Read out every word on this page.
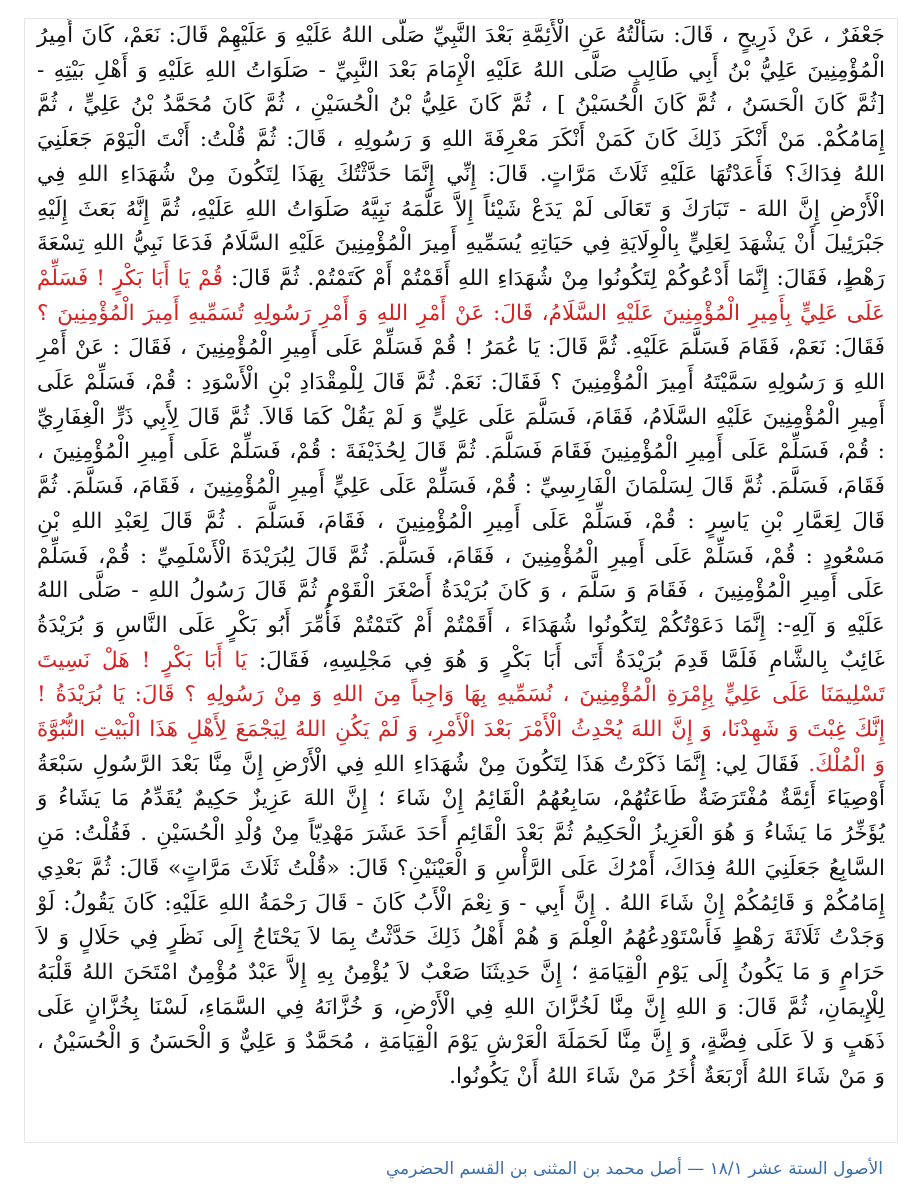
جَعْفَرٌ ، عَنْ ذَرِيحٍ ، قَالَ: سَأَلْتُهُ عَنِ الْأَئِمَّةِ بَعْدَ النَّبِيِّ صَلَّى اللهُ عَلَيْهِ وَ عَلَيْهِمْ قَالَ: نَعَمْ، كَانَ أَمِيرُ الْمُؤْمِنِينَ عَلِيُّ بْنُ أَبِي طَالِبٍ صَلَّى اللهُ عَلَيْهِ الْإِمَامَ بَعْدَ النَّبِيِّ - صَلَوَاتُ اللهِ عَلَيْهِ وَ أَهْلِ بَيْتِهِ - [ثُمَّ كَانَ الْحَسَنُ ، ثُمَّ كَانَ الْحُسَيْنُ ] ، ثُمَّ كَانَ عَلِيُّ بْنُ الْحُسَيْنِ ، ثُمَّ كَانَ مُحَمَّدُ بْنُ عَلِيٍّ ، ثُمَّ إِمَامُكُمْ. مَنْ أَنْكَرَ ذَلِكَ كَانَ كَمَنْ أَنْكَرَ مَعْرِفَةَ اللهِ وَ رَسُولِهِ ، قَالَ: ثُمَّ قُلْتُ: أَنْتَ الْيَوْمَ جَعَلَنِيَ اللهُ فِدَاكَ؟ فَأَعَدْتُهَا عَلَيْهِ ثَلَاثَ مَرَّاتٍ. قَالَ: إِنِّي إِنَّمَا حَدَّثْتُكَ بِهَذَا لِتَكُونَ مِنْ شُهَدَاءِ اللهِ فِي الْأَرْضِ إِنَّ اللهَ - تَبَارَكَ وَ تَعَالَى لَمْ يَدَعْ شَيْئاً إِلاَّ عَلَّمَهُ نَبِيَّهُ صَلَوَاتُ اللهِ عَلَيْهِ، ثُمَّ إِنَّهُ بَعَثَ إِلَيْهِ جَبْرَئِيلَ أَنْ يَشْهَدَ لِعَلِيٍّ بِالْوِلَايَةِ فِي حَيَاتِهِ يُسَمِّيهِ أَمِيرَ الْمُؤْمِنِينَ عَلَيْهِ السَّلَامُ فَدَعَا نَبِيُّ اللهِ تِسْعَةَ رَهْطٍ، فَقَالَ: إِنَّمَا أَدْعُوكُمْ لِتَكُونُوا مِنْ شُهَدَاءِ اللهِ أَقَمْتُمْ أَمْ كَتَمْتُمْ. ثُمَّ قَالَ: قُمْ يَا أَبَا بَكْرٍ ! فَسَلِّمْ عَلَى عَلِيٍّ بِأَمِيرِ الْمُؤْمِنِينَ عَلَيْهِ السَّلَامُ، قَالَ: عَنْ أَمْرِ اللهِ وَ أَمْرِ رَسُولِهِ تُسَمِّيهِ أَمِيرَ الْمُؤْمِنِينَ ؟ فَقَالَ: نَعَمْ، فَقَامَ فَسَلَّمَ عَلَيْهِ. ثُمَّ قَالَ: يَا عُمَرُ ! قُمْ فَسَلِّمْ عَلَى أَمِيرِ الْمُؤْمِنِينَ ، فَقَالَ : عَنْ أَمْرِ اللهِ وَ رَسُولِهِ سَمَّيْتَهُ أَمِيرَ الْمُؤْمِنِينَ ؟ فَقَالَ: نَعَمْ. ثُمَّ قَالَ لِلْمِقْدَادِ بْنِ الْأَسْوَدِ : قُمْ، فَسَلِّمْ عَلَى أَمِيرِ الْمُؤْمِنِينَ عَلَيْهِ السَّلَامُ، فَقَامَ، فَسَلَّمَ عَلَى عَلِيٍّ وَ لَمْ يَقُلْ كَمَا قَالاَ. ثُمَّ قَالَ لِأَبِي ذَرٍّ الْغِفَارِيِّ : قُمْ، فَسَلِّمْ عَلَى أَمِيرِ الْمُؤْمِنِينَ فَقَامَ فَسَلَّمَ. ثُمَّ قَالَ لِحُذَيْفَةَ : قُمْ، فَسَلِّمْ عَلَى أَمِيرِ الْمُؤْمِنِينَ ، فَقَامَ، فَسَلَّمَ. ثُمَّ قَالَ لِسَلْمَانَ الْفَارِسِيِّ : قُمْ، فَسَلِّمْ عَلَى عَلِيٍّ أَمِيرِ الْمُؤْمِنِينَ ، فَقَامَ، فَسَلَّمَ. ثُمَّ قَالَ لِعَمَّارِ بْنِ يَاسِرٍ : قُمْ، فَسَلِّمْ عَلَى أَمِيرِ الْمُؤْمِنِينَ ، فَقَامَ، فَسَلَّمَ . ثُمَّ قَالَ لِعَبْدِ اللهِ بْنِ مَسْعُودٍ : قُمْ، فَسَلِّمْ عَلَى أَمِيرِ الْمُؤْمِنِينَ ، فَقَامَ، فَسَلَّمَ. ثُمَّ قَالَ لِبُرَيْدَةَ الْأَسْلَمِيِّ : قُمْ، فَسَلِّمْ عَلَى أَمِيرِ الْمُؤْمِنِينَ ، فَقَامَ وَ سَلَّمَ ، وَ كَانَ بُرَيْدَةُ أَصْغَرَ الْقَوْمِ ثُمَّ قَالَ رَسُولُ اللهِ - صَلَّى اللهُ عَلَيْهِ وَ آلِهِ-: إِنَّمَا دَعَوْتُكُمْ لِتَكُونُوا شُهَدَاءَ ، أَقَمْتُمْ أَمْ كَتَمْتُمْ فَأُمِّرَ أَبُو بَكْرٍ عَلَى النَّاسِ وَ بُرَيْدَةُ غَائِبٌ بِالشَّامِ فَلَمَّا قَدِمَ بُرَيْدَةُ أَتَى أَبَا بَكْرٍ وَ هُوَ فِي مَجْلِسِهِ، فَقَالَ: يَا أَبَا بَكْرٍ ! هَلْ نَسِيتَ تَسْلِيمَنَا عَلَى عَلِيٍّ بِإِمْرَةِ الْمُؤْمِنِينَ ، نُسَمِّيهِ بِهَا وَاجِباً مِنَ اللهِ وَ مِنْ رَسُولِهِ ؟ قَالَ: يَا بُرَيْدَةُ ! إِنَّكَ غِبْتَ وَ شَهِدْنَا، وَ إِنَّ اللهَ يُحْدِثُ الْأَمْرَ بَعْدَ الْأَمْرِ، وَ لَمْ يَكُنِ اللهُ لِيَجْمَعَ لِأَهْلِ هَذَا الْبَيْتِ النُّبُوَّةَ وَ الْمُلْكَ. فَقَالَ لِي: إِنَّمَا ذَكَرْتُ هَذَا لِتَكُونَ مِنْ شُهَدَاءِ اللهِ فِي الْأَرْضِ إِنَّ مِنَّا بَعْدَ الرَّسُولِ سَبْعَةُ أَوْصِيَاءَ أَئِمَّةٌ مُفْتَرَضَةٌ طَاعَتُهُمْ، سَابِعُهُمُ الْقَائِمُ إِنْ شَاءَ ؛ إِنَّ اللهَ عَزِيزٌ حَكِيمٌ يُقَدِّمُ مَا يَشَاءُ وَ يُؤَخِّرُ مَا يَشَاءُ وَ هُوَ الْعَزِيزُ الْحَكِيمُ ثُمَّ بَعْدَ الْقَائِمِ أَحَدَ عَشَرَ مَهْدِيّاً مِنْ وُلْدِ الْحُسَيْنِ . فَقُلْتُ: مَنِ السَّابِعُ جَعَلَنِيَ اللهُ فِدَاكَ، أَمْرُكَ عَلَى الرَّأْسِ وَ الْعَيْنَيْنِ؟ قَالَ: «قُلْتُ ثَلَاثَ مَرَّاتٍ» قَالَ: ثُمَّ بَعْدِي إِمَامُكُمْ وَ قَائِمُكُمْ إِنْ شَاءَ اللهُ . إِنَّ أَبِي - وَ نِعْمَ الْأَبُ كَانَ - قَالَ رَحْمَةُ اللهِ عَلَيْهِ: كَانَ يَقُولُ: لَوْ وَجَدْتُ ثَلَاثَةَ رَهْطٍ فَأَسْتَوْدِعُهُمُ الْعِلْمَ وَ هُمْ أَهْلُ ذَلِكَ حَدَّثْتُ بِمَا لاَ يَحْتَاجُ إِلَى نَظَرٍ فِي حَلَالٍ وَ لاَ حَرَامٍ وَ مَا يَكُونُ إِلَى يَوْمِ الْقِيَامَةِ ؛ إِنَّ حَدِيثَنَا صَعْبٌ لاَ يُؤْمِنُ بِهِ إِلاَّ عَبْدٌ مُؤْمِنٌ امْتَحَنَ اللهُ قَلْبَهُ لِلْإِيمَانِ، ثُمَّ قَالَ: وَ اللهِ إِنَّ مِنَّا لَخُزَّانَ اللهِ فِي الْأَرْضِ، وَ خُزَّانَهُ فِي السَّمَاءِ، لَسْنَا بِخُزَّانٍ عَلَى ذَهَبٍ وَ لاَ عَلَى فِضَّةٍ، وَ إِنَّ مِنَّا لَحَمَلَةَ الْعَرْشِ يَوْمَ الْقِيَامَةِ ، مُحَمَّدٌ وَ عَلِيٌّ وَ الْحَسَنُ وَ الْحُسَيْنُ ، وَ مَنْ شَاءَ اللهُ أَرْبَعَةٌ أُخَرُ مَنْ شَاءَ اللهُ أَنْ يَكُونُوا.

الأصول الستة عشر ١٨/١ — أصل محمد بن المثنى بن القسم الحضرمي
